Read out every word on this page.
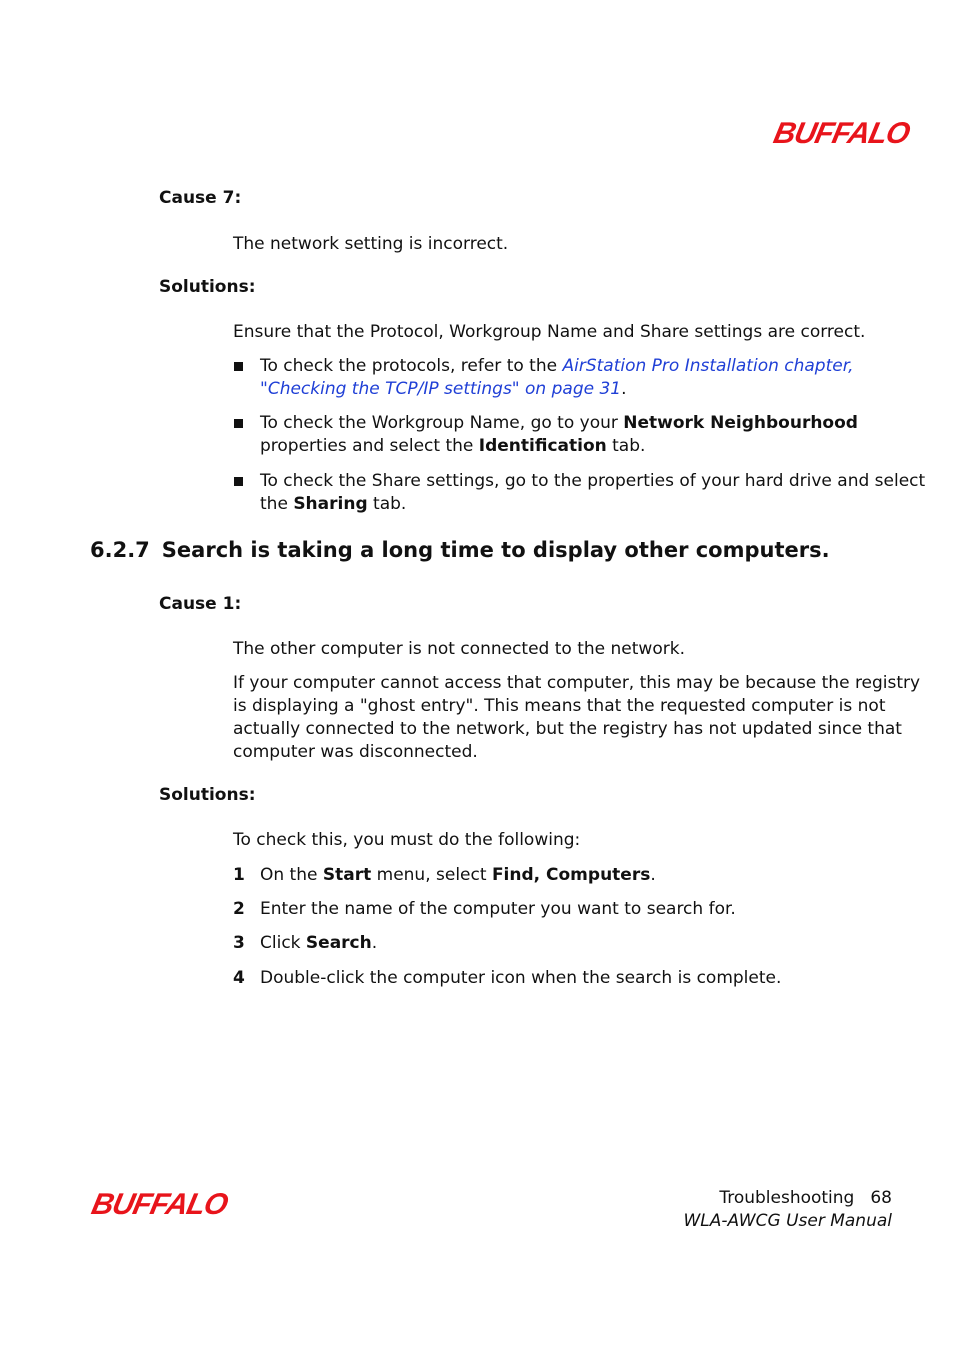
BUFFALO
Cause 7:
The network setting is incorrect.
Solutions:
Ensure that the Protocol, Workgroup Name and Share settings are correct.
To check the protocols, refer to the AirStation Pro Installation chapter,
"Checking the TCP/IP settings" on page 31.
To check the Workgroup Name, go to your Network Neighbourhood
properties and select the Identification tab.
To check the Share settings, go to the properties of your hard drive and select
the Sharing tab.
6.2.7 Search is taking a long time to display other computers.
Cause 1:
The other computer is not connected to the network.
If your computer cannot access that computer, this may be because the registry
is displaying a "ghost entry". This means that the requested computer is not
actually connected to the network, but the registry has not updated since that
computer was disconnected.
Solutions:
To check this, you must do the following:
1 On the Start menu, select Find, Computers.
2 Enter the name of the computer you want to search for.
3 Click Search.
4 Double-click the computer icon when the search is complete.
BUFFALO	Troubleshooting 68
WLA-AWCG User Manual
